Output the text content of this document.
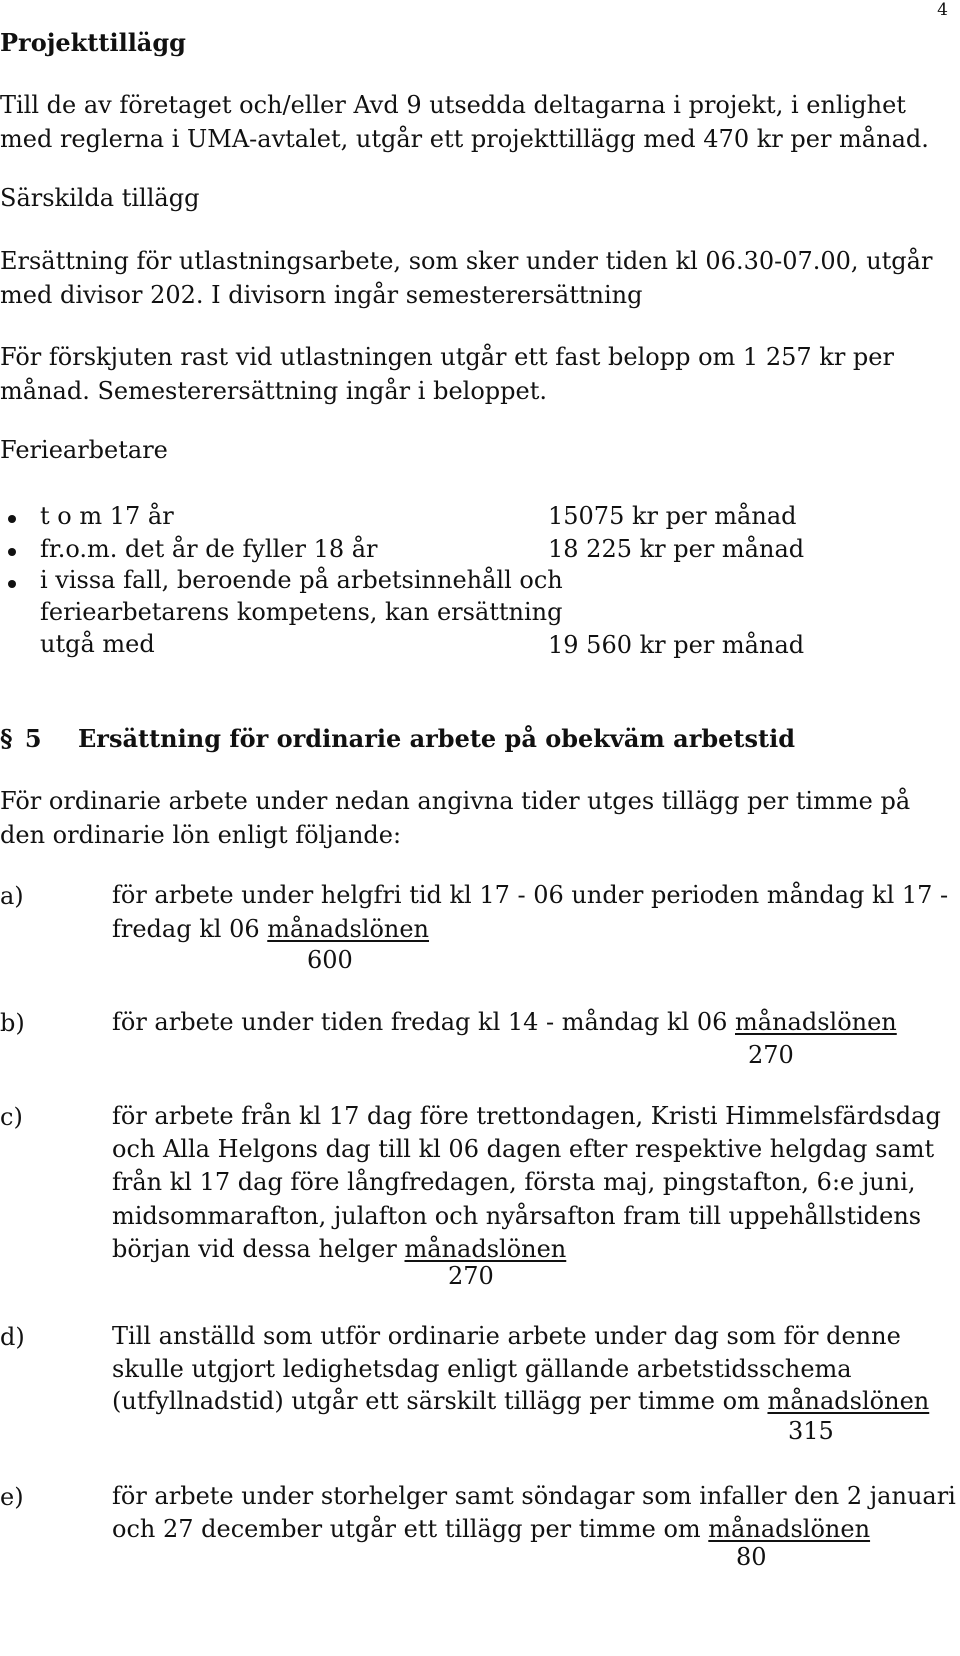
4
Projekttillägg
Till de av företaget och/eller Avd 9 utsedda deltagarna i projekt, i enlighet
med reglerna i UMA-avtalet, utgår ett projekttillägg med 470 kr per månad.
Särskilda tillägg
Ersättning för utlastningsarbete, som sker under tiden kl 06.30-07.00, utgår
med divisor 202. I divisorn ingår semesterersättning
För förskjuten rast vid utlastningen utgår ett fast belopp om 1 257 kr per
månad. Semesterersättning ingår i beloppet.
Feriearbetare
t o m 17 år	15075 kr per månad
fr.o.m. det år de fyller 18 år	18 225 kr per månad
i vissa fall, beroende på arbetsinnehåll och
feriearbetarens kompetens, kan ersättning
utgå med	19 560 kr per månad
§ 5 Ersättning för ordinarie arbete på obekväm arbetstid
För ordinarie arbete under nedan angivna tider utges tillägg per timme på
den ordinarie lön enligt följande:
a)	för arbete under helgfri tid kl 17 - 06 under perioden måndag kl 17 -
fredag kl 06 månadslönen
600
b)	för arbete under tiden fredag kl 14 - måndag kl 06 månadslönen
270
c)	för arbete från kl 17 dag före trettondagen, Kristi Himmelsfärdsdag
och Alla Helgons dag till kl 06 dagen efter respektive helgdag samt
från kl 17 dag före långfredagen, första maj, pingstafton, 6:e juni,
midsommarafton, julafton och nyårsafton fram till uppehållstidens
början vid dessa helger månadslönen
270
d)	Till anställd som utför ordinarie arbete under dag som för denne
skulle utgjort ledighetsdag enligt gällande arbetstidsschema
(utfyllnadstid) utgår ett särskilt tillägg per timme om månadslönen
315
e)	för arbete under storhelger samt söndagar som infaller den 2 januari
och 27 december utgår ett tillägg per timme om månadslönen
80
